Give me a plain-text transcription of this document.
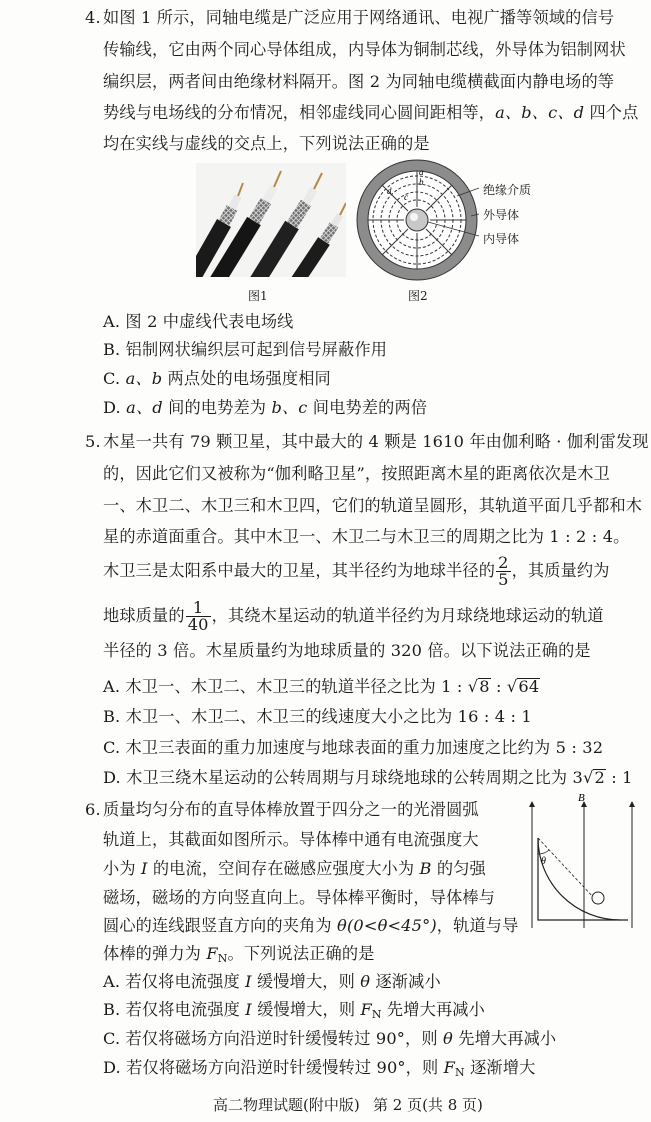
4. 如图 1 所示，同轴电缆是广泛应用于网络通讯、电视广播等领域的信号
传输线，它由两个同心导体组成，内导体为铜制芯线，外导体为铝制网状
编织层，两者间由绝缘材料隔开。图 2 为同轴电缆横截面内静电场的等
势线与电场线的分布情况，相邻虚线同心圆间距相等，a、b、c、d 四个点
均在实线与虚线的交点上，下列说法正确的是
图1
a
b
c
d	绝缘介质
外导体
内导体
图2
A. 图 2 中虚线代表电场线
B. 铝制网状编织层可起到信号屏蔽作用
C. a、b 两点处的电场强度相同
D. a、d 间的电势差为 b、c 间电势差的两倍
5. 木星一共有 79 颗卫星，其中最大的 4 颗是 1610 年由伽利略 · 伽利雷发现
的，因此它们又被称为“伽利略卫星”，按照距离木星的距离依次是木卫
一、木卫二、木卫三和木卫四，它们的轨道呈圆形，其轨道平面几乎都和木
星的赤道面重合。其中木卫一、木卫二与木卫三的周期之比为 1 : 2 : 4。
木卫三是太阳系中最大的卫星，其半径约为地球半径的 $\frac{2}{5}$ ，其质量约为
地球质量的 $\frac{1}{40}$ ，其绕木星运动的轨道半径约为月球绕地球运动的轨道
半径的 3 倍。木星质量约为地球质量的 320 倍。以下说法正确的是
A. 木卫一、木卫二、木卫三的轨道半径之比为 1 : √8 : √64
B. 木卫一、木卫二、木卫三的线速度大小之比为 16 : 4 : 1
C. 木卫三表面的重力加速度与地球表面的重力加速度之比约为 5 : 32
D. 木卫三绕木星运动的公转周期与月球绕地球的公转周期之比为 3√2 : 1
6. 质量均匀分布的直导体棒放置于四分之一的光滑圆弧
轨道上，其截面如图所示。导体棒中通有电流强度大
小为 I 的电流，空间存在磁感应强度大小为 B 的匀强
磁场，磁场的方向竖直向上。导体棒平衡时，导体棒与
圆心的连线跟竖直方向的夹角为 θ(0<θ<45°)，轨道与导
体棒的弹力为 $F_N$。下列说法正确的是
B
θ
A. 若仅将电流强度 I 缓慢增大，则 θ 逐渐减小
B. 若仅将电流强度 I 缓慢增大，则 $F_N$ 先增大再减小
C. 若仅将磁场方向沿逆时针缓慢转过 90°，则 θ 先增大再减小
D. 若仅将磁场方向沿逆时针缓慢转过 90°，则 $F_N$ 逐渐增大
高二物理试题(附中版) 第 2 页(共 8 页)
